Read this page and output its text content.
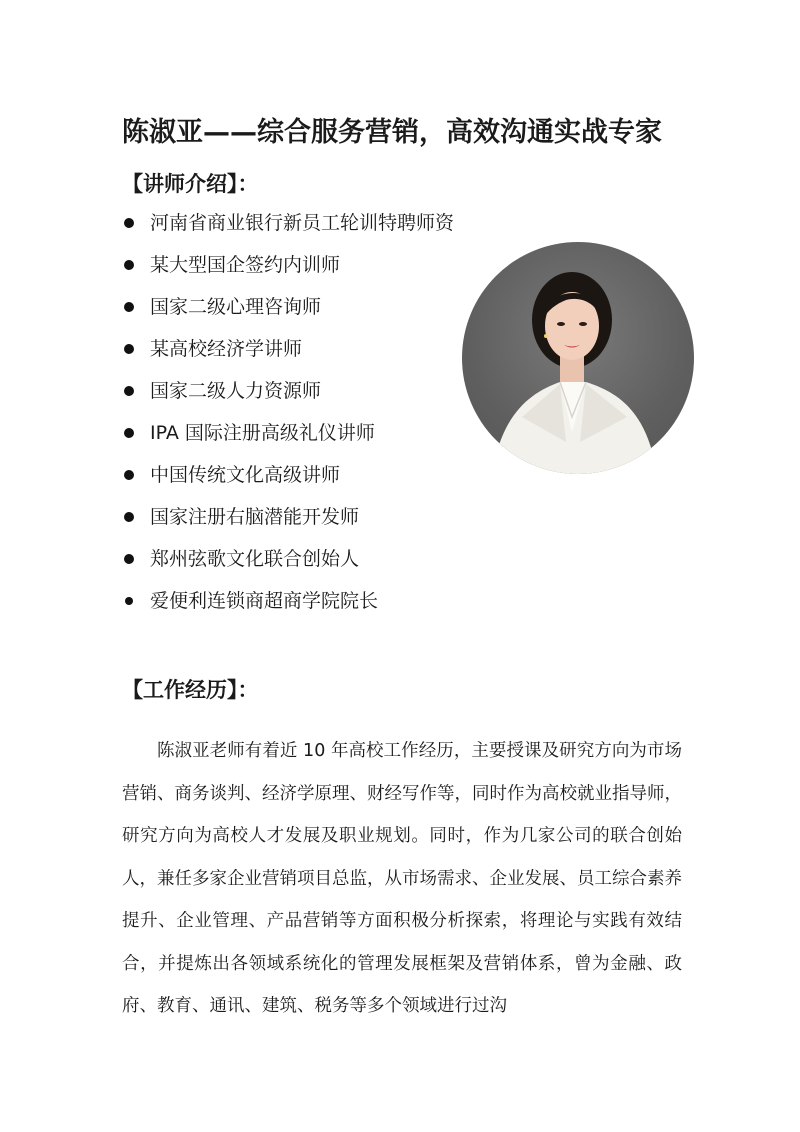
陈淑亚——综合服务营销，高效沟通实战专家
【讲师介绍】：
河南省商业银行新员工轮训特聘师资
某大型国企签约内训师
国家二级心理咨询师
某高校经济学讲师
国家二级人力资源师
IPA 国际注册高级礼仪讲师
中国传统文化高级讲师
国家注册右脑潜能开发师
郑州弦歌文化联合创始人
爱便利连锁商超商学院院长
【工作经历】：

陈淑亚老师有着近 10 年高校工作经历，主要授课及研究方向为市场营销、商务谈判、经济学原理、财经写作等，同时作为高校就业指导师，研究方向为高校人才发展及职业规划。同时，作为几家公司的联合创始人，兼任多家企业营销项目总监，从市场需求、企业发展、员工综合素养提升、企业管理、产品营销等方面积极分析探索，将理论与实践有效结合，并提炼出各领域系统化的管理发展框架及营销体系，曾为金融、政府、教育、通讯、建筑、税务等多个领域进行过沟
